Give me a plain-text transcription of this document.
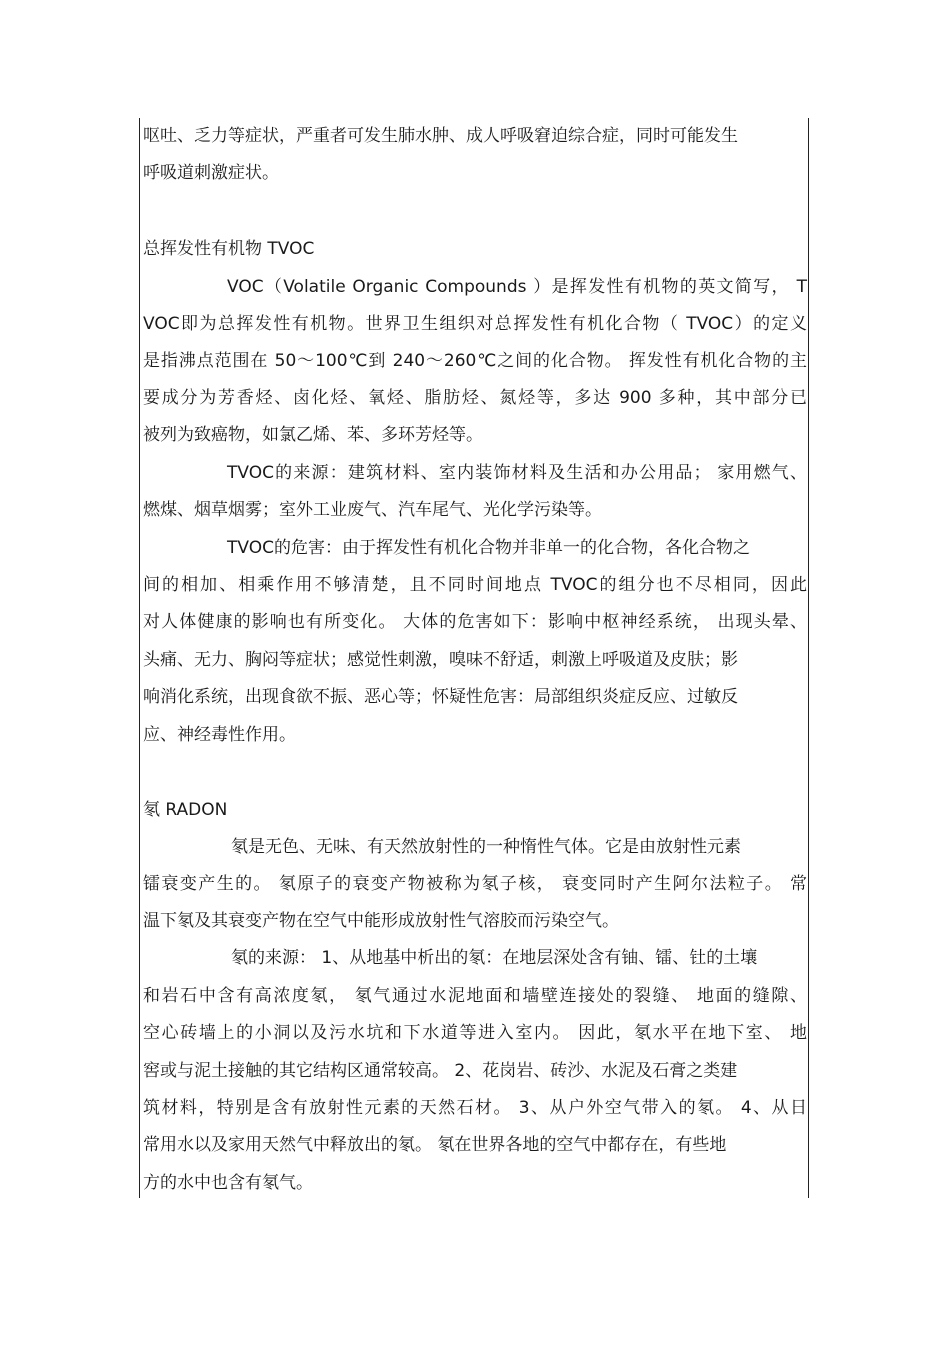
呕吐、乏力等症状，严重者可发生肺水肿、成人呼吸窘迫综合症，同时可能发生
呼吸道刺激症状。
总挥发性有机物 TVOC
VOC（Volatile Organic Compounds ）是挥发性有机物的英文简写， T
VOC即为总挥发性有机物。世界卫生组织对总挥发性有机化合物（ TVOC）的定义
是指沸点范围在 50～100℃到 240～260℃之间的化合物。 挥发性有机化合物的主
要成分为芳香烃、卤化烃、氧烃、脂肪烃、氮烃等，多达 900 多种，其中部分已
被列为致癌物，如氯乙烯、苯、多环芳烃等。
TVOC的来源：建筑材料、室内装饰材料及生活和办公用品； 家用燃气、
燃煤、烟草烟雾；室外工业废气、汽车尾气、光化学污染等。
TVOC的危害：由于挥发性有机化合物并非单一的化合物，各化合物之
间的相加、相乘作用不够清楚，且不同时间地点 TVOC的组分也不尽相同，因此
对人体健康的影响也有所变化。 大体的危害如下：影响中枢神经系统， 出现头晕、
头痛、无力、胸闷等症状；感觉性刺激，嗅味不舒适，刺激上呼吸道及皮肤；影
响消化系统，出现食欲不振、恶心等；怀疑性危害：局部组织炎症反应、过敏反
应、神经毒性作用。
氡 RADON
氡是无色、无味、有天然放射性的一种惰性气体。它是由放射性元素
镭衰变产生的。 氡原子的衰变产物被称为氡子核， 衰变同时产生阿尔法粒子。 常
温下氡及其衰变产物在空气中能形成放射性气溶胶而污染空气。
氡的来源： 1、从地基中析出的氡：在地层深处含有铀、镭、钍的土壤
和岩石中含有高浓度氡， 氡气通过水泥地面和墙壁连接处的裂缝、 地面的缝隙、
空心砖墙上的小洞以及污水坑和下水道等进入室内。 因此，氡水平在地下室、 地
窖或与泥土接触的其它结构区通常较高。 2、花岗岩、砖沙、水泥及石膏之类建
筑材料，特别是含有放射性元素的天然石材。 3、从户外空气带入的氡。 4、从日
常用水以及家用天然气中释放出的氡。 氡在世界各地的空气中都存在，有些地
方的水中也含有氡气。
